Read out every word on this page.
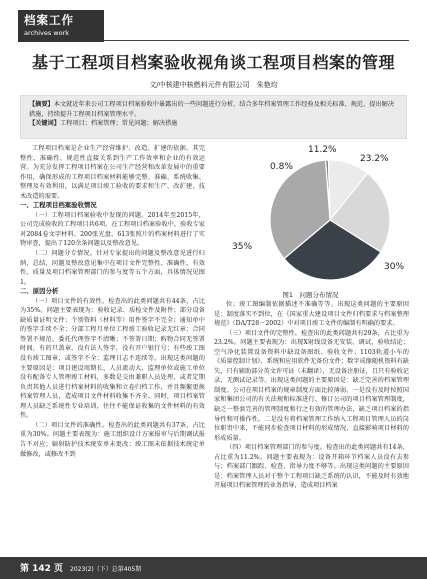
档案工作
archives work
基于工程项目档案验收视角谈工程项目档案的管理
文/中核建中核燃料元件有限公司　朱艳均
【摘要】本文就近年来公司工程项目档案验收中暴露出的一些问题进行分析，结合多年档案管理工作经验及相关标准、规范，提出解决措施，持续提升工程项目档案管理水平。
【关键词】工程项目；档案管理；常见问题；解决措施

工程项目档案是企业生产经营维护、改造、扩建的依据、其完整性、准确性、规范性直接关系到生产工作效率和企业的有效运营。为充分发挥工程项目档案在公司生产经营和改革发展中的重要作用，确保形成的工程项目档案材料能够完整、准确、系统收集、整理及有效利用，以满足项目竣工验收的要求和生产、改扩建、技术改造的需要。

一、工程项目档案验收情况

（一）工程项目档案验收中发现的问题。2014年至2015年，公司完成验收的工程项目共6项。在工程项目档案验收中，验收专家对2084卷文字材料、200张光盘、613张照片的档案材料进行了实物审查，提出了120余条问题以及整改意见。

（二）问题分专情况。针对专家提出的问题及整改意见进行归纳、总结，问题及整改意见集中在项目文件完整性、准确性、有效性、质量及项目档案管理部门的参与度等五个方面，具体情况见图1。

二、原因分析

（一）项目文件的有效性。检查出的此类问题共有44条，占比为35%。问题主要表现为：验收记录、质检文件及附件；部分设备缺质量证明文件；个别资料（材料等）用件签字不完全；通知单中的签字手续不全；分部工程月单位工程竣工验收记录无红章；合同签署不规范、委托代理签字不清晰；不签署日期；购物合同无签署时间，有的只盖章，没有法人签字，没有开户银行号；有些竣工图没有竣工图章，或签字不全；监理日志不连续等。出现这类问题的主要原因是：项目建设周期长、人员流动大，监理单位或施工单位没有配备专人管理竣工材料，多数是交由兼职人员处理，或者定期负责其他人员进行档案材料的收集和立卷归档工作，并且频繁更换档案管理人员，造成项目文件材料收集不齐全。同时，项目档案管理人员缺乏系统性专业培训，往往不能保证收集的文件材料的有效性。

（二）项目文件的准确性。检查出的此类问题共有37条，占比重为30%。问题主要表现为：施工组织设计方案报审与后期调试报告不对应；辐射防护技术统安单未更改；竣工图未依据技术统定单做修改，或修改不到

23.2%
11.2%
0.8%
35%
30%
图1　问题分布情况

位；竣工图编制依据描述不准确等等。出现这类问题的主要原因是：制度落实不到位，在《国家重大建设项目文件归档要求与档案整理规范》（DA/T28－2002）中对项目竣工文件的编制有明确的要求。

（三）项目文件的完整性。检查出的此类问题共有29条，占比重为23.2%。问题主要表现为：出现X射线设备无安装、调试、验收结论；空气净化装置设备资料中缺设备图纸、验收文件；1103轨道小车的《质量控制计划》、系统和应用软件无备份文件；数字成像随机资料有缺失，只有辅助部分英文许可证（未翻译），无设备注册证，且只有验收记录，无测试记录等。出现这类问题的主要原因是：缺乏完善的档案管理制度。公司在项目档案的规章制度方面比较薄弱，一是没有及时按照国家和集团公司的有关法规和标准进行、修订公司的项目档案管理制度，缺乏一整套完善的管理制度和行之有效的管理办法，缺乏项目档案的指导性和可操作性。二是没有将档案管理工作纳入工程项目管理人员的岗位职责中来，不能同步检查项目材料的形成情况，直接影响项目材料的形成质量。

（四）项目档案管理部门的参与度。检查出的此类问题共有14条，占比重为11.2%。问题主要表现为：设备开箱环节档案人员没有去参与；档案部门跟踪、检查、指导力度不够等。出现这类问题的主要原因是：档案管理人员对于整个工程项目缺乏系统的认识，不能及时有效地开展项目档案管理的业务指导，造成项目档案

第 142 页 2023(2)（下）总第405期
